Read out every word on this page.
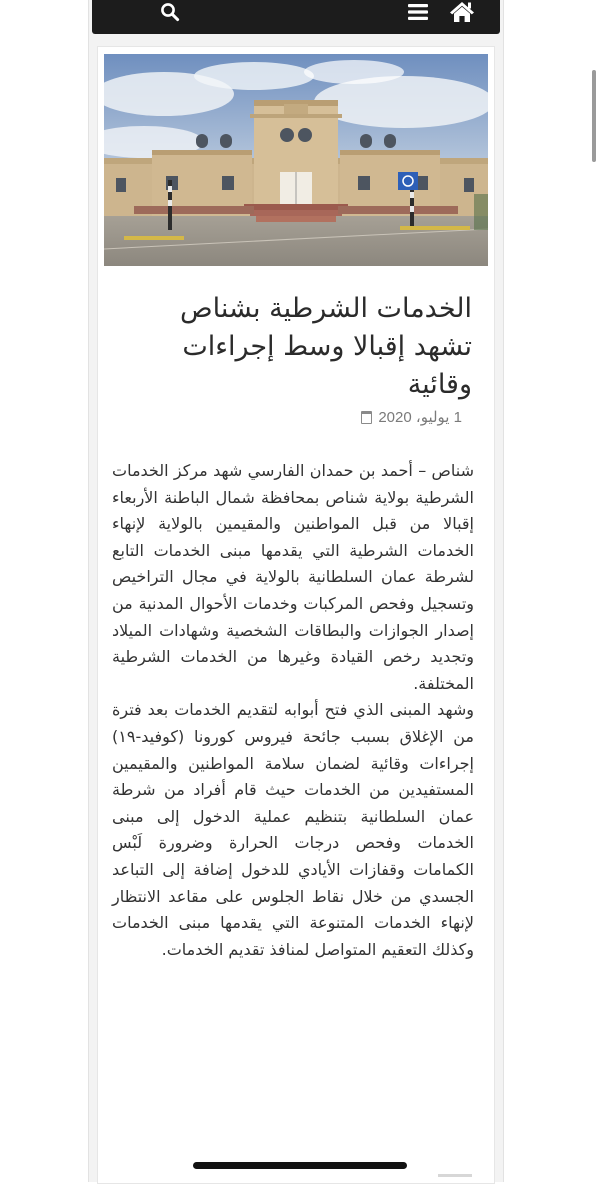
الخدمات الشرطية بشناص تشهد إقبالا وسط إجراءات وقائية
1 يوليو، 2020

شناص – أحمد بن حمدان الفارسي شهد مركز الخدمات الشرطية بولاية شناص بمحافظة شمال الباطنة الأربعاء إقبالا من قبل المواطنين والمقيمين بالولاية لإنهاء الخدمات الشرطية التي يقدمها مبنى الخدمات التابع لشرطة عمان السلطانية بالولاية في مجال التراخيص وتسجيل وفحص المركبات وخدمات الأحوال المدنية من إصدار الجوازات والبطاقات الشخصية وشهادات الميلاد وتجديد رخص القيادة وغيرها من الخدمات الشرطية المختلفة.

وشهد المبنى الذي فتح أبوابه لتقديم الخدمات بعد فترة من الإغلاق بسبب جائحة فيروس كورونا (كوفيد-١٩) إجراءات وقائية لضمان سلامة المواطنين والمقيمين المستفيدين من الخدمات حيث قام أفراد من شرطة عمان السلطانية بتنظيم عملية الدخول إلى مبنى الخدمات وفحص درجات الحرارة وضرورة لَبْس الكمامات وقفازات الأيادي للدخول إضافة إلى التباعد الجسدي من خلال نقاط الجلوس على مقاعد الانتظار لإنهاء الخدمات المتنوعة التي يقدمها مبنى الخدمات وكذلك التعقيم المتواصل لمنافذ تقديم الخدمات.
